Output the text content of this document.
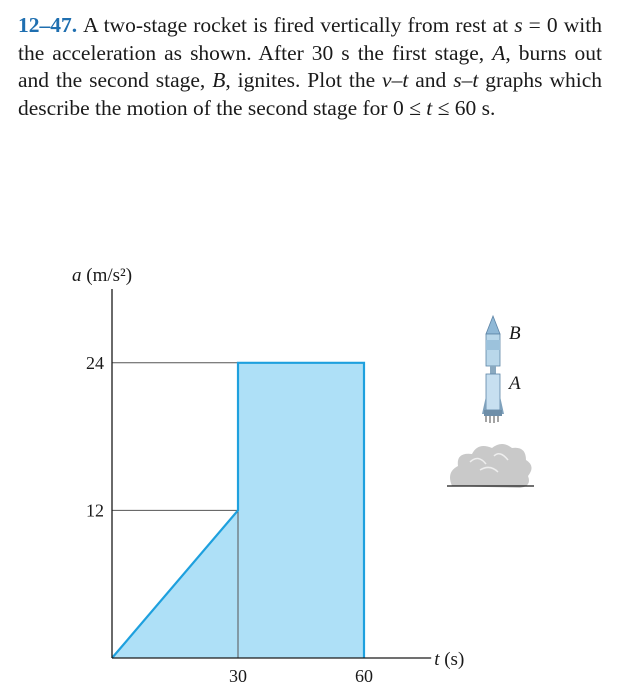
12–47. A two-stage rocket is fired vertically from rest at s = 0 with the acceleration as shown. After 30 s the first stage, A, burns out and the second stage, B, ignites. Plot the v–t and s–t graphs which describe the motion of the second stage for 0 ≤ t ≤ 60 s.
12
24
30	60
a (m/s²)
t (s)
B
A
